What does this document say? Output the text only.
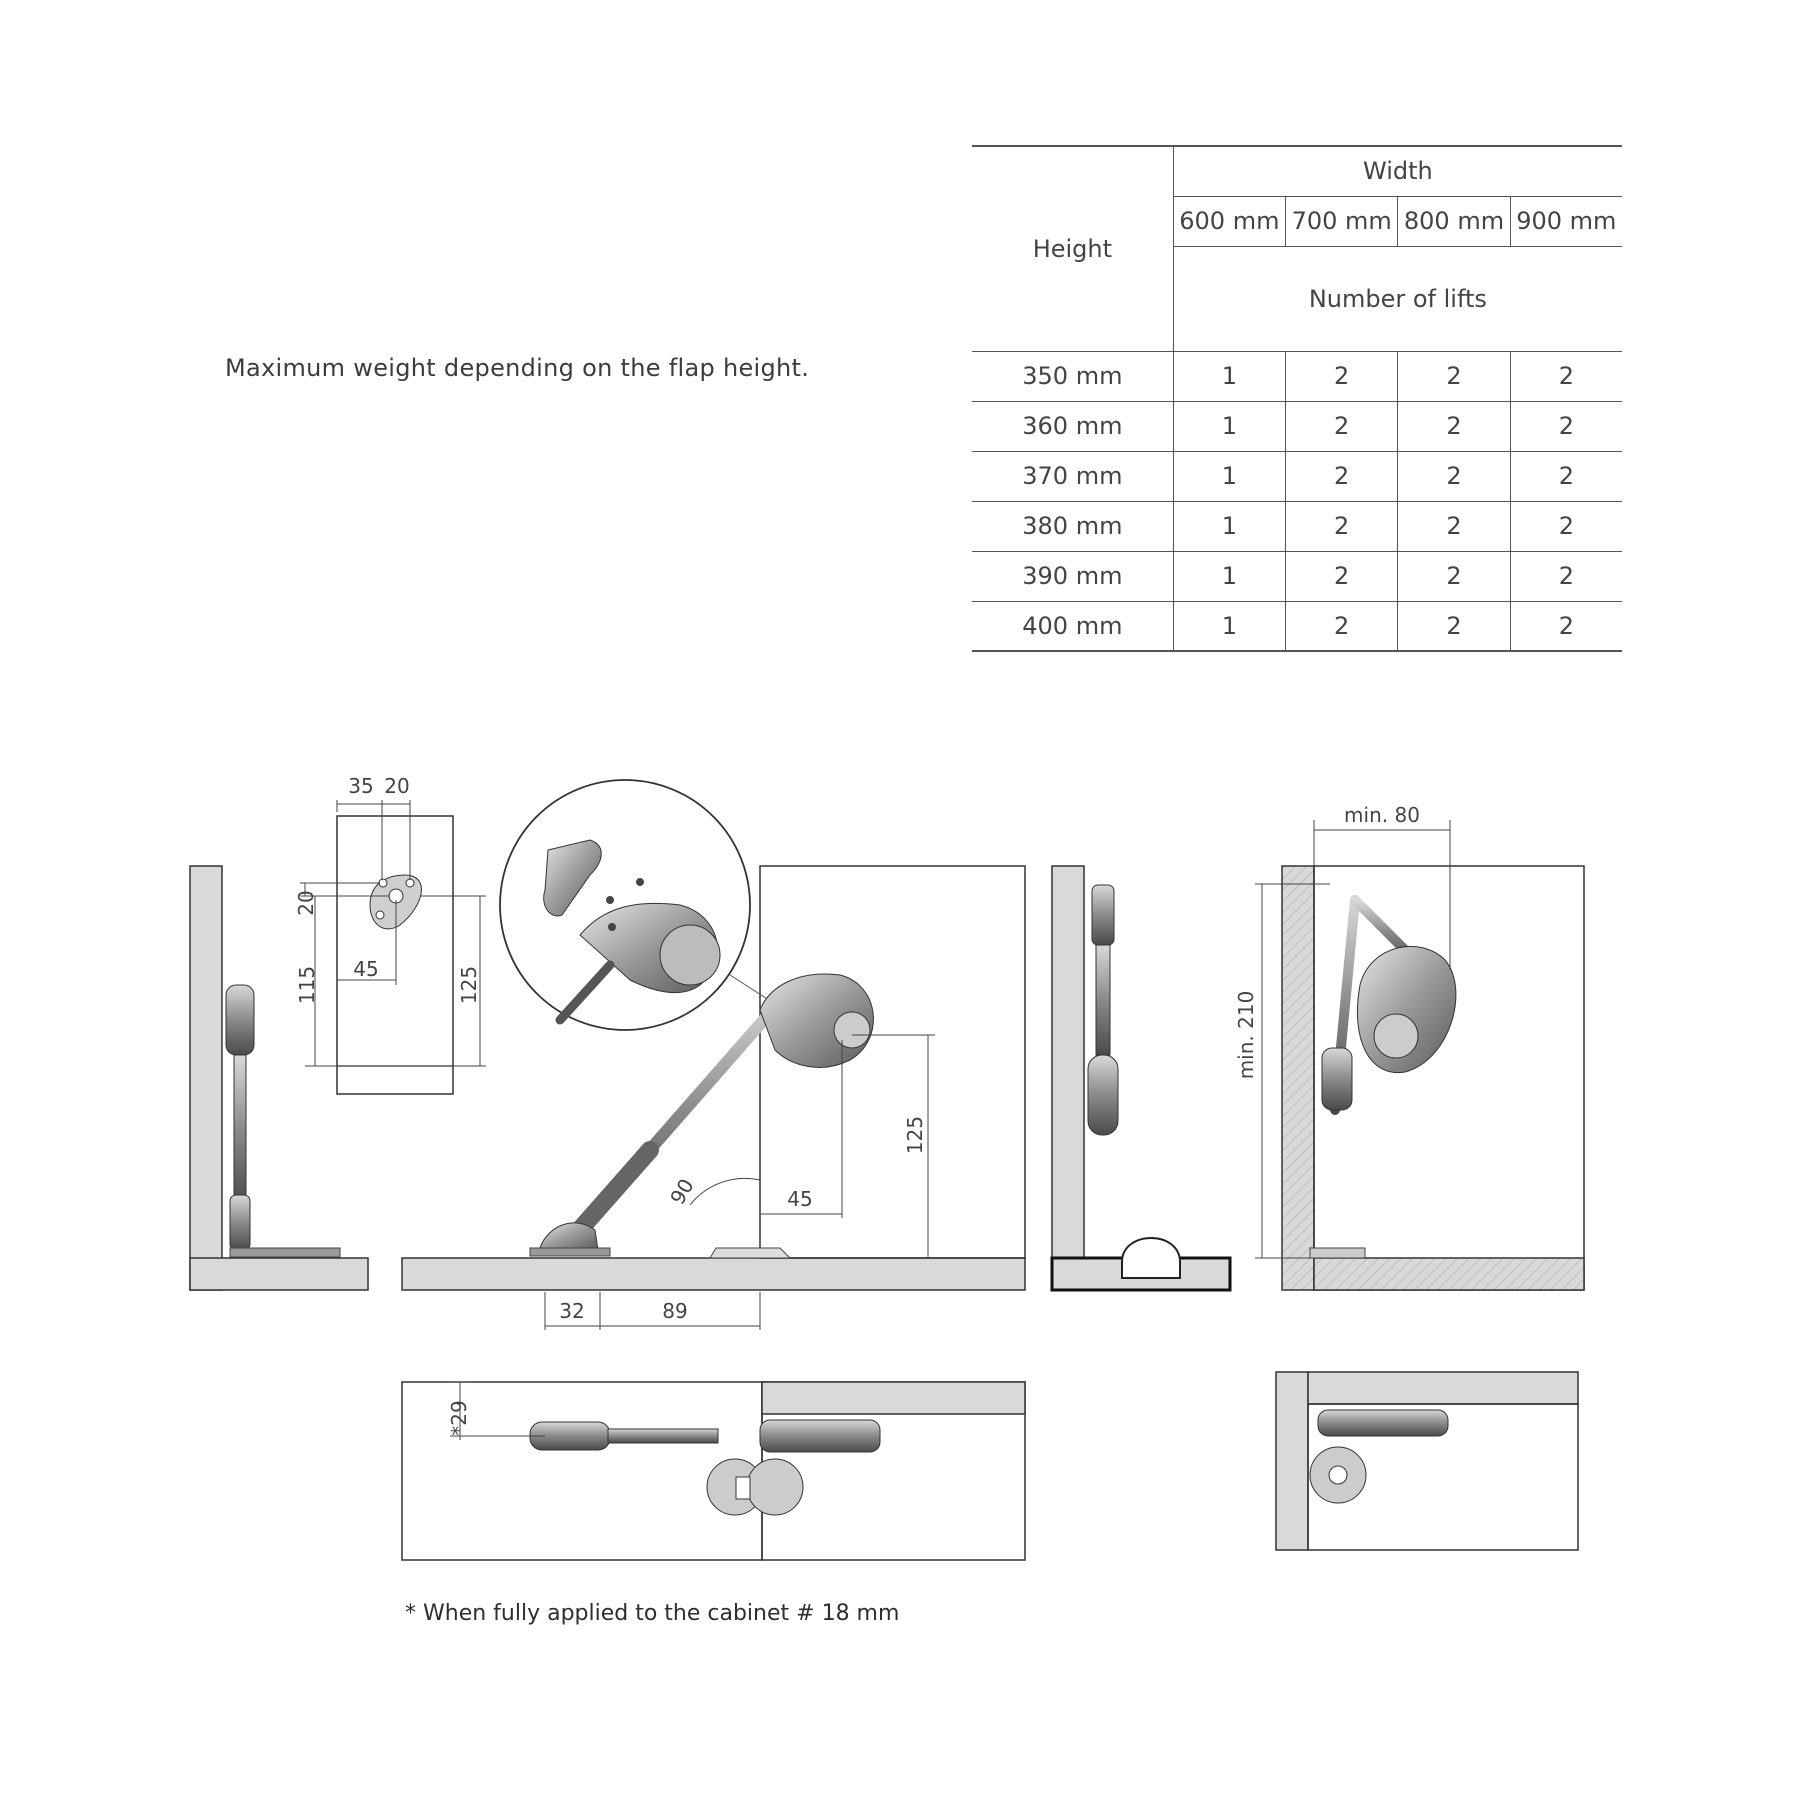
Maximum weight depending on the flap height.
Height	Width			
	600 mm	700 mm	800 mm	900 mm
	Number of lifts			
350 mm	1	2	2	2
360 mm	1	2	2	2
370 mm	1	2	2	2
380 mm	1	2	2	2
390 mm	1	2	2	2
400 mm	1	2	2	2
35 20
20
115 45	125
90	45
125
32	89
min. 80
min. 210
*29
* When fully applied to the cabinet # 18 mm
